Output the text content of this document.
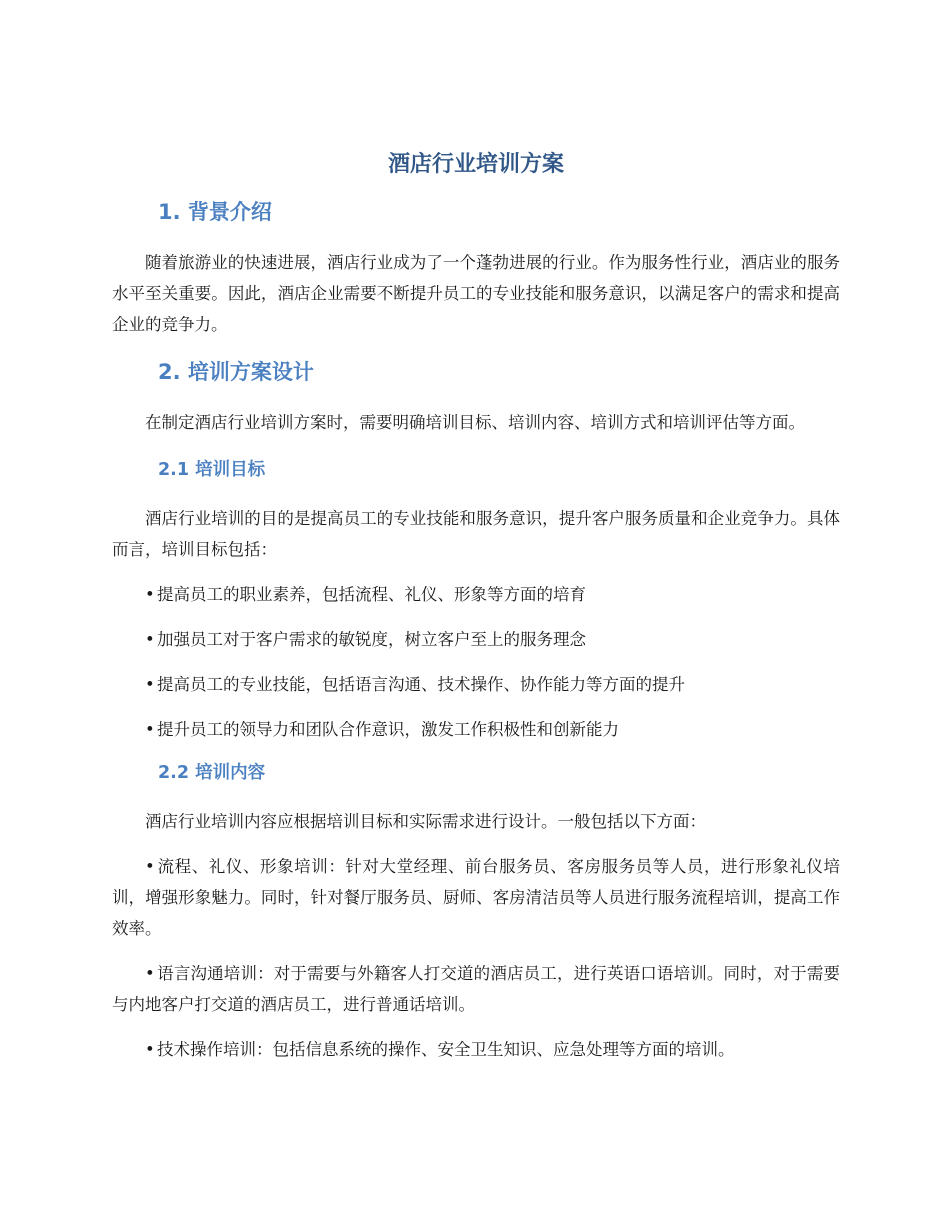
酒店行业培训方案
1. 背景介绍

随着旅游业的快速进展，酒店行业成为了一个蓬勃进展的行业。作为服务性行业，酒店业的服务水平至关重要。因此，酒店企业需要不断提升员工的专业技能和服务意识，以满足客户的需求和提高企业的竞争力。

2. 培训方案设计

在制定酒店行业培训方案时，需要明确培训目标、培训内容、培训方式和培训评估等方面。

2.1 培训目标

酒店行业培训的目的是提高员工的专业技能和服务意识，提升客户服务质量和企业竞争力。具体而言，培训目标包括：

• 提高员工的职业素养，包括流程、礼仪、形象等方面的培育

• 加强员工对于客户需求的敏锐度，树立客户至上的服务理念

• 提高员工的专业技能，包括语言沟通、技术操作、协作能力等方面的提升

• 提升员工的领导力和团队合作意识，激发工作积极性和创新能力

2.2 培训内容

酒店行业培训内容应根据培训目标和实际需求进行设计。一般包括以下方面：

• 流程、礼仪、形象培训：针对大堂经理、前台服务员、客房服务员等人员，进行形象礼仪培训，增强形象魅力。同时，针对餐厅服务员、厨师、客房清洁员等人员进行服务流程培训，提高工作效率。

• 语言沟通培训：对于需要与外籍客人打交道的酒店员工，进行英语口语培训。同时，对于需要与内地客户打交道的酒店员工，进行普通话培训。

• 技术操作培训：包括信息系统的操作、安全卫生知识、应急处理等方面的培训。
